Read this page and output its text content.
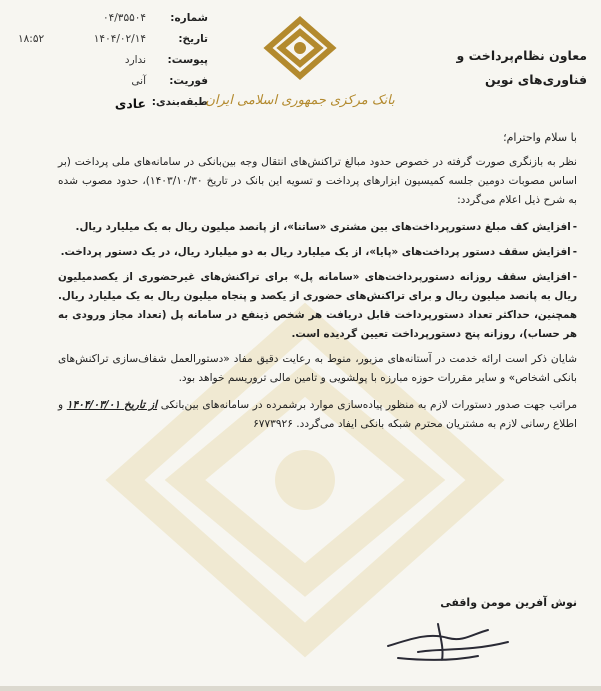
شماره:
۰۴/۳۵۵۰۴
تاریخ:
۱۴۰۴/۰۲/۱۴
۱۸:۵۲
پیوست:
ندارد
فوریت:
آنی
طبقه‌بندی:
عادی	بانک مرکزی جمهوری اسلامی ایران
معاون نظام‌پرداخت و
فناوری‌های نوین

با سلام واحترام؛

نظر به بازنگری صورت گرفته در خصوص حدود مبالغ تراکنش‌های انتقال وجه بین‌بانکی در سامانه‌های ملی پرداخت (بر اساس مصوبات دومین جلسه کمیسیون ابزارهای پرداخت و تسویه این بانک در تاریخ ۱۴۰۳/۱۰/۳۰)، حدود مصوب شده به شرح ذیل اعلام می‌گردد:

-افزایش کف مبلغ دستورپرداخت‌های بین مشتری «ساتنا»، از پانصد میلیون ریال به یک میلیارد ریال.

-افزایش سقف دستور پرداخت‌های «پایا»، از یک میلیارد ریال به دو میلیارد ریال، در یک دستور پرداخت.

-افزایش سقف روزانه دستورپرداخت‌های «سامانه پل» برای تراکنش‌های غیرحضوری از یکصدمیلیون ریال به پانصد میلیون ریال و برای تراکنش‌های حضوری از یکصد و پنجاه میلیون ریال به یک میلیارد ریال. همچنین، حداکثر تعداد دستورپرداخت قابل دریافت هر شخص ذینفع در سامانه پل (تعداد مجاز ورودی به هر حساب)، روزانه پنج دستورپرداخت تعیین گردیده است.

شایان ذکر است ارائه خدمت در آستانه‌های مزبور، منوط به رعایت دقیق مفاد «دستورالعمل شفاف‌سازی تراکنش‌های بانکی اشخاص» و سایر مقررات حوزه مبارزه با پولشویی و تامین مالی تروریسم خواهد بود.

مراتب جهت صدور دستورات لازم به منظور پیاده‌سازی موارد برشمرده در سامانه‌های بین‌بانکی از تاریخ ۱۴۰۴/۰۳/۰۱ و اطلاع رسانی لازم به مشتریان محترم شبکه بانکی ایفاد می‌گردد. ۶۷۷۳۹۲۶

نوش آفرین مومن واقفی
